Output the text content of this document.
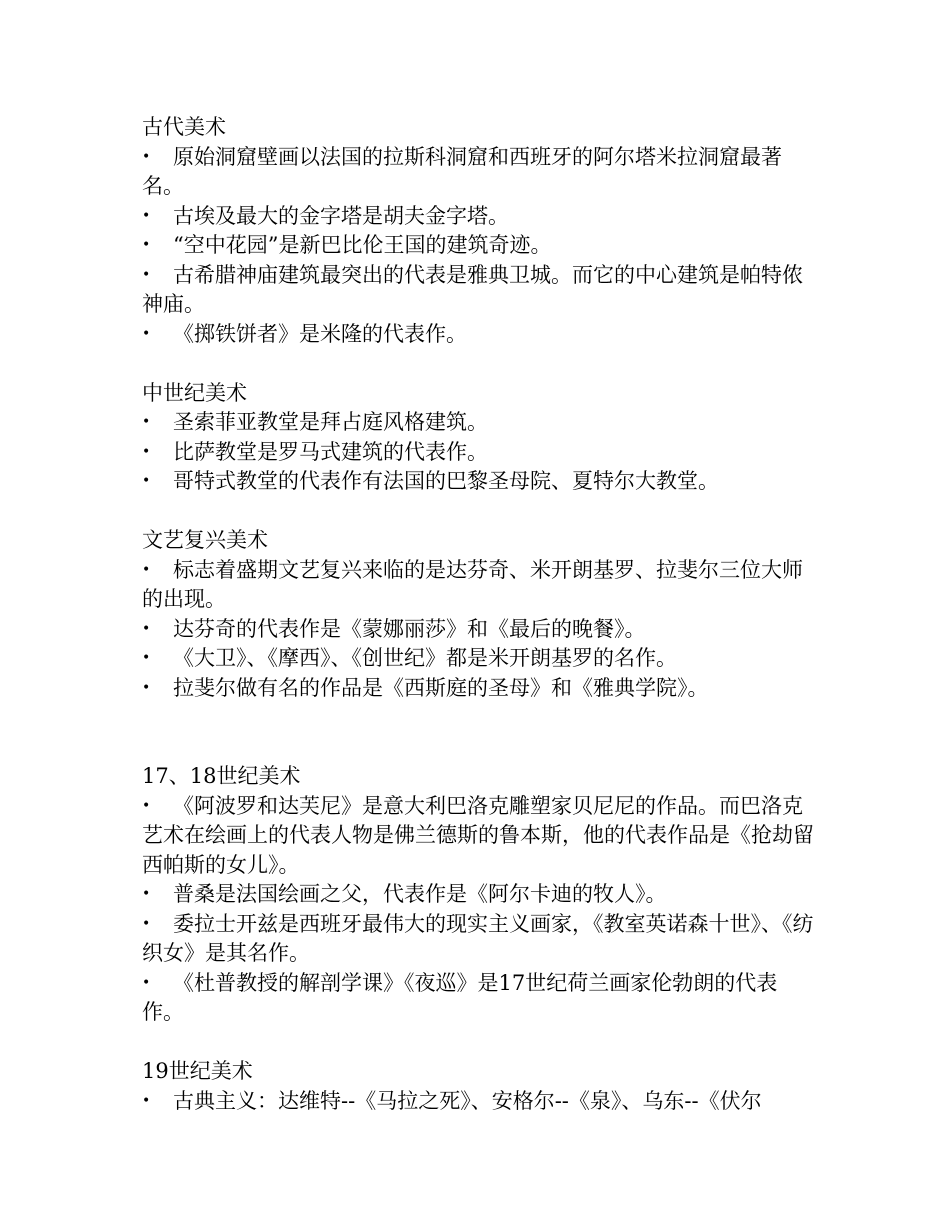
古代美术
• 原始洞窟壁画以法国的拉斯科洞窟和西班牙的阿尔塔米拉洞窟最著名。
• 古埃及最大的金字塔是胡夫金字塔。
• “空中花园”是新巴比伦王国的建筑奇迹。
• 古希腊神庙建筑最突出的代表是雅典卫城。而它的中心建筑是帕特侬神庙。
• 《掷铁饼者》是米隆的代表作。
中世纪美术
• 圣索菲亚教堂是拜占庭风格建筑。
• 比萨教堂是罗马式建筑的代表作。
• 哥特式教堂的代表作有法国的巴黎圣母院、夏特尔大教堂。
文艺复兴美术
• 标志着盛期文艺复兴来临的是达芬奇、米开朗基罗、拉斐尔三位大师的出现。
• 达芬奇的代表作是《蒙娜丽莎》和《最后的晚餐》。
• 《大卫》、《摩西》、《创世纪》都是米开朗基罗的名作。
• 拉斐尔做有名的作品是《西斯庭的圣母》和《雅典学院》。
17、18世纪美术
• 《阿波罗和达芙尼》是意大利巴洛克雕塑家贝尼尼的作品。而巴洛克艺术在绘画上的代表人物是佛兰德斯的鲁本斯，他的代表作品是《抢劫留西帕斯的女儿》。
• 普桑是法国绘画之父，代表作是《阿尔卡迪的牧人》。
• 委拉士开兹是西班牙最伟大的现实主义画家，《教室英诺森十世》、《纺织女》是其名作。
• 《杜普教授的解剖学课》《夜巡》是17世纪荷兰画家伦勃朗的代表作。
19世纪美术
• 古典主义：达维特--《马拉之死》、安格尔--《泉》、乌东--《伏尔
